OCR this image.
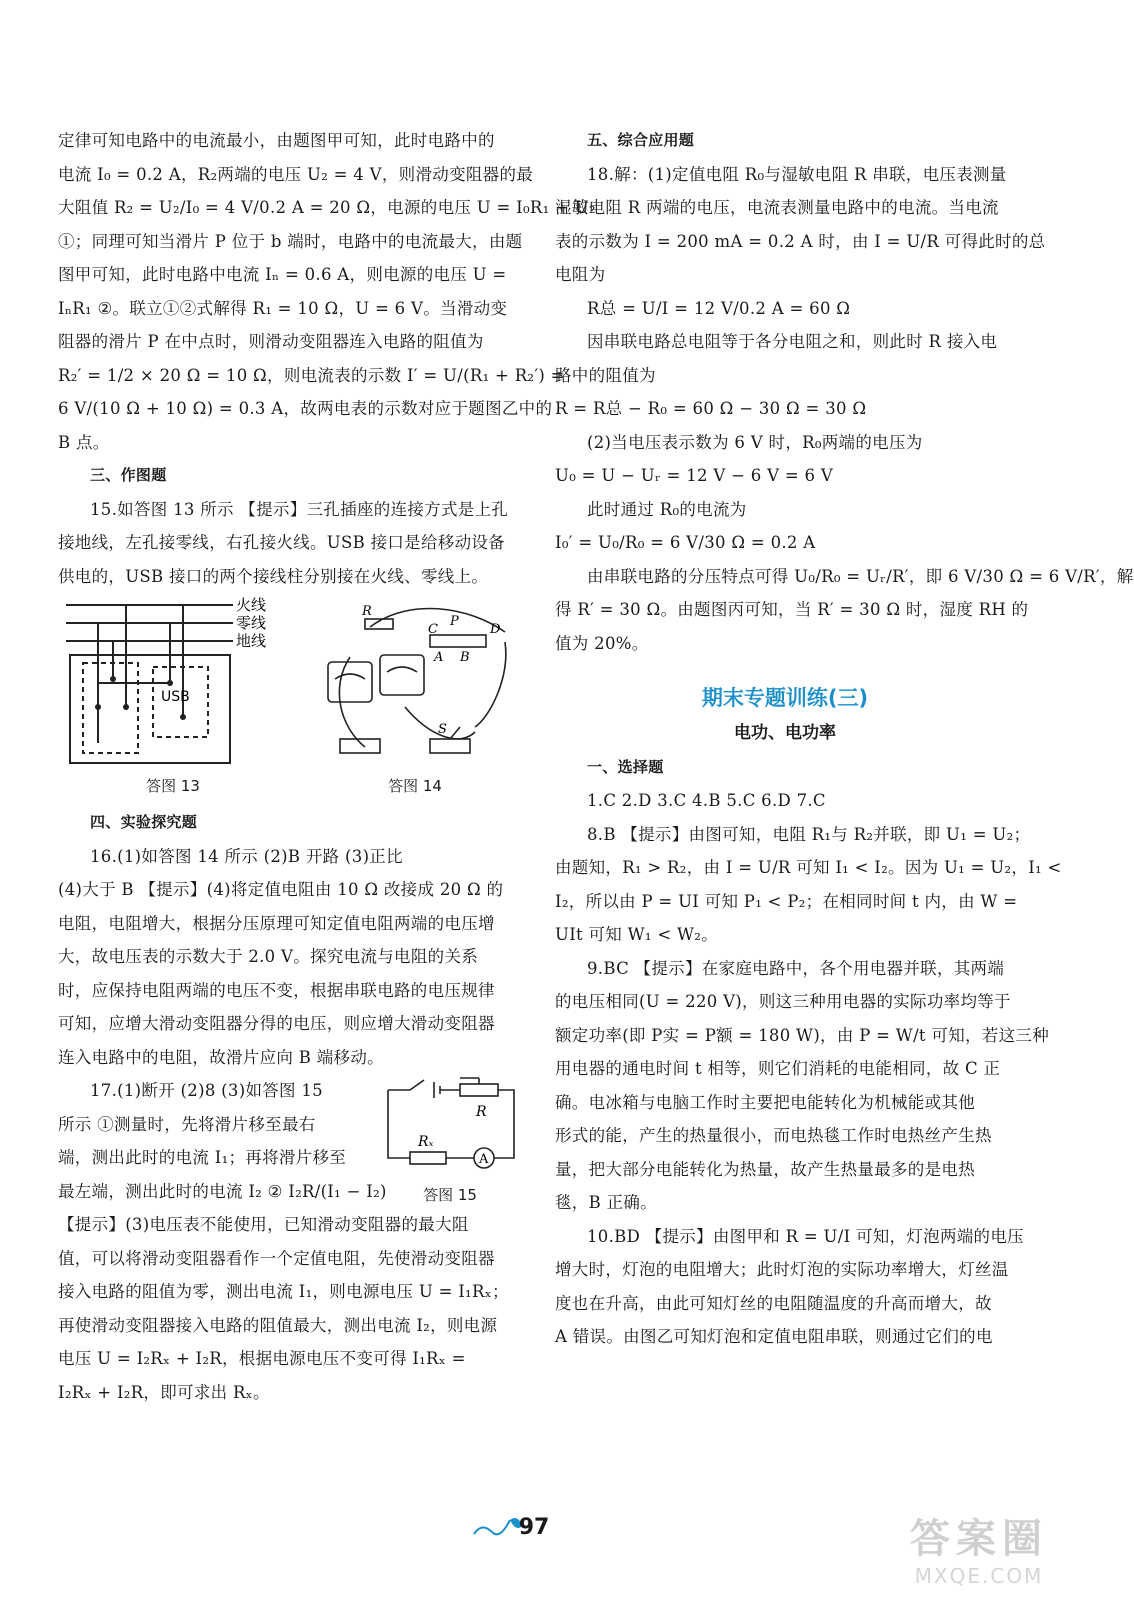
定律可知电路中的电流最小，由题图甲可知，此时电路中的
电流 I₀ = 0.2 A，R₂两端的电压 U₂ = 4 V，则滑动变阻器的最
大阻值 R₂ = U₂/I₀ = 4 V/0.2 A = 20 Ω，电源的电压 U = I₀R₁ + U₂
①；同理可知当滑片 P 位于 b 端时，电路中的电流最大，由题
图甲可知，此时电路中电流 Iₙ = 0.6 A，则电源的电压 U =
IₙR₁ ②。联立①②式解得 R₁ = 10 Ω，U = 6 V。当滑动变
阻器的滑片 P 在中点时，则滑动变阻器连入电路的阻值为
R₂′ = 1/2 × 20 Ω = 10 Ω，则电流表的示数 I′ = U/(R₁ + R₂′) =
6 V/(10 Ω + 10 Ω) = 0.3 A，故两电表的示数对应于题图乙中的
B 点。
三、作图题
15.如答图 13 所示 【提示】三孔插座的连接方式是上孔
接地线，左孔接零线，右孔接火线。USB 接口是给移动设备
供电的，USB 接口的两个接线柱分别接在火线、零线上。
火线
零线
地线
USB
答图 13
R
P
C	D
A B
S
答图 14
四、实验探究题
16.(1)如答图 14 所示 (2)B 开路 (3)正比
(4)大于 B 【提示】(4)将定值电阻由 10 Ω 改接成 20 Ω 的
电阻，电阻增大，根据分压原理可知定值电阻两端的电压增
大，故电压表的示数大于 2.0 V。探究电流与电阻的关系
时，应保持电阻两端的电压不变，根据串联电路的电压规律
可知，应增大滑动变阻器分得的电压，则应增大滑动变阻器
连入电路中的电阻，故滑片应向 B 端移动。
17.(1)断开 (2)8 (3)如答图 15
所示 ①测量时，先将滑片移至最右
端，测出此时的电流 I₁；再将滑片移至
最左端，测出此时的电流 I₂ ② I₂R/(I₁ − I₂)
R
Rₓ
A
答图 15
【提示】(3)电压表不能使用，已知滑动变阻器的最大阻
值，可以将滑动变阻器看作一个定值电阻，先使滑动变阻器
接入电路的阻值为零，测出电流 I₁，则电源电压 U = I₁Rₓ；
再使滑动变阻器接入电路的阻值最大，测出电流 I₂，则电源
电压 U = I₂Rₓ + I₂R，根据电源电压不变可得 I₁Rₓ =
I₂Rₓ + I₂R，即可求出 Rₓ。
五、综合应用题
18.解：(1)定值电阻 R₀与湿敏电阻 R 串联，电压表测量
湿敏电阻 R 两端的电压，电流表测量电路中的电流。当电流
表的示数为 I = 200 mA = 0.2 A 时，由 I = U/R 可得此时的总
电阻为
R总 = U/I = 12 V/0.2 A = 60 Ω
因串联电路总电阻等于各分电阻之和，则此时 R 接入电
路中的阻值为
R = R总 − R₀ = 60 Ω − 30 Ω = 30 Ω
(2)当电压表示数为 6 V 时，R₀两端的电压为
U₀ = U − Uᵣ = 12 V − 6 V = 6 V
此时通过 R₀的电流为
I₀′ = U₀/R₀ = 6 V/30 Ω = 0.2 A
由串联电路的分压特点可得 U₀/R₀ = Uᵣ/R′，即 6 V/30 Ω = 6 V/R′，解
得 R′ = 30 Ω。由题图丙可知，当 R′ = 30 Ω 时，湿度 RH 的
值为 20%。
期末专题训练(三)
电功、电功率
一、选择题
1.C 2.D 3.C 4.B 5.C 6.D 7.C
8.B 【提示】由图可知，电阻 R₁与 R₂并联，即 U₁ = U₂；
由题知，R₁ > R₂，由 I = U/R 可知 I₁ < I₂。因为 U₁ = U₂，I₁ <
I₂，所以由 P = UI 可知 P₁ < P₂；在相同时间 t 内，由 W =
UIt 可知 W₁ < W₂。
9.BC 【提示】在家庭电路中，各个用电器并联，其两端
的电压相同(U = 220 V)，则这三种用电器的实际功率均等于
额定功率(即 P实 = P额 = 180 W)，由 P = W/t 可知，若这三种
用电器的通电时间 t 相等，则它们消耗的电能相同，故 C 正
确。电冰箱与电脑工作时主要把电能转化为机械能或其他
形式的能，产生的热量很小，而电热毯工作时电热丝产生热
量，把大部分电能转化为热量，故产生热量最多的是电热
毯，B 正确。
10.BD 【提示】由图甲和 R = U/I 可知，灯泡两端的电压
增大时，灯泡的电阻增大；此时灯泡的实际功率增大，灯丝温
度也在升高，由此可知灯丝的电阻随温度的升高而增大，故
A 错误。由图乙可知灯泡和定值电阻串联，则通过它们的电
97	答案圈
MXQE.COM
